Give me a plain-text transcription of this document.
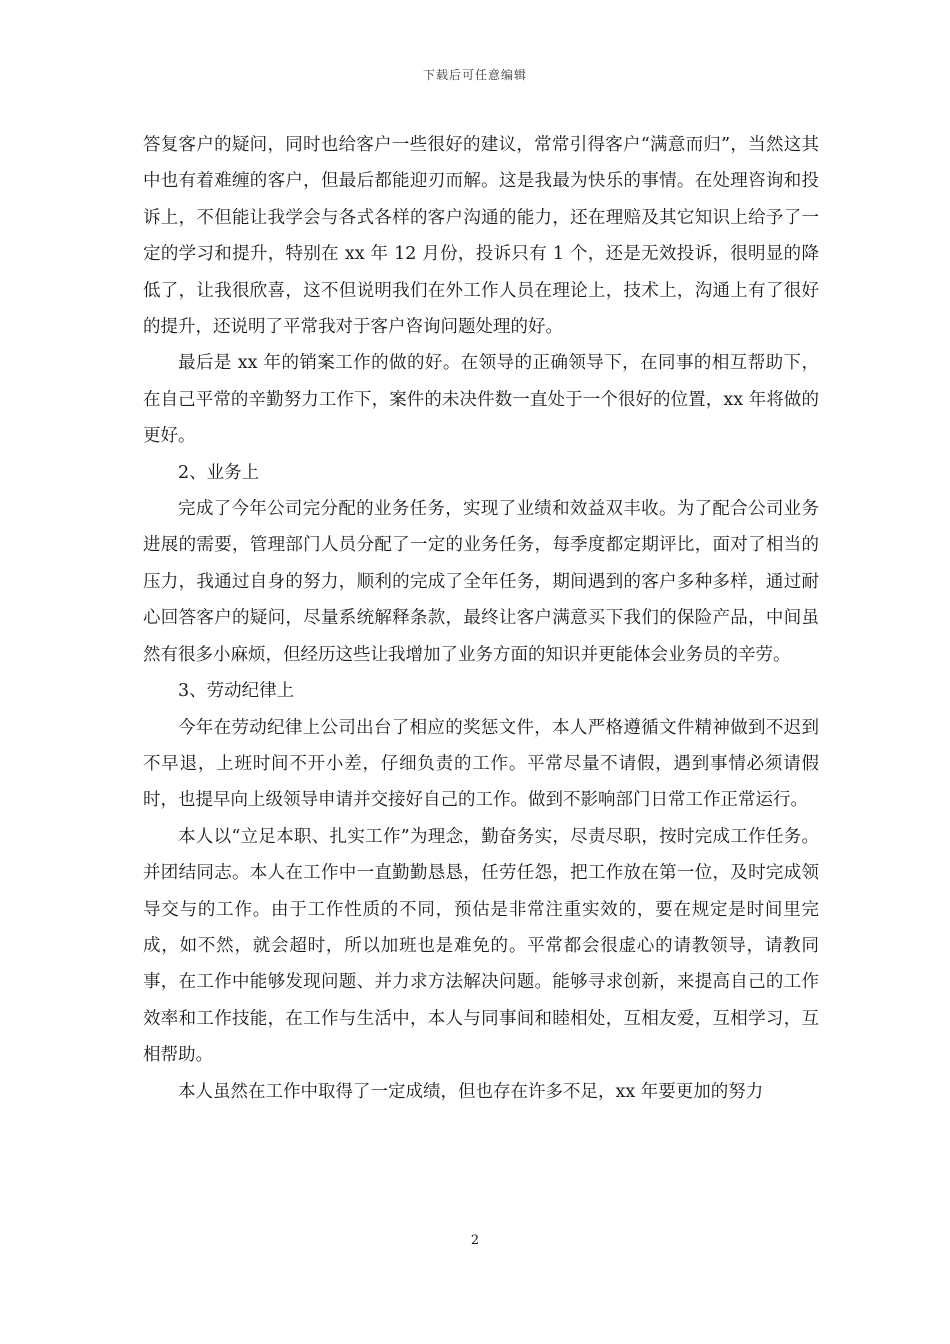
下载后可任意编辑

答复客户的疑问，同时也给客户一些很好的建议，常常引得客户“满意而归”，当然这其中也有着难缠的客户，但最后都能迎刃而解。这是我最为快乐的事情。在处理咨询和投诉上，不但能让我学会与各式各样的客户沟通的能力，还在理赔及其它知识上给予了一定的学习和提升，特别在 xx 年 12 月份，投诉只有 1 个，还是无效投诉，很明显的降低了，让我很欣喜，这不但说明我们在外工作人员在理论上，技术上，沟通上有了很好的提升，还说明了平常我对于客户咨询问题处理的好。

最后是 xx 年的销案工作的做的好。在领导的正确领导下，在同事的相互帮助下，在自己平常的辛勤努力工作下，案件的未决件数一直处于一个很好的位置，xx 年将做的更好。

2、业务上

完成了今年公司完分配的业务任务，实现了业绩和效益双丰收。为了配合公司业务进展的需要，管理部门人员分配了一定的业务任务，每季度都定期评比，面对了相当的压力，我通过自身的努力，顺利的完成了全年任务，期间遇到的客户多种多样，通过耐心回答客户的疑问，尽量系统解释条款，最终让客户满意买下我们的保险产品，中间虽然有很多小麻烦，但经历这些让我增加了业务方面的知识并更能体会业务员的辛劳。

3、劳动纪律上

今年在劳动纪律上公司出台了相应的奖惩文件，本人严格遵循文件精神做到不迟到不早退，上班时间不开小差，仔细负责的工作。平常尽量不请假，遇到事情必须请假时，也提早向上级领导申请并交接好自己的工作。做到不影响部门日常工作正常运行。

本人以“立足本职、扎实工作”为理念，勤奋务实，尽责尽职，按时完成工作任务。并团结同志。本人在工作中一直勤勤恳恳，任劳任怨，把工作放在第一位，及时完成领导交与的工作。由于工作性质的不同，预估是非常注重实效的，要在规定是时间里完成，如不然，就会超时，所以加班也是难免的。平常都会很虚心的请教领导，请教同事，在工作中能够发现问题、并力求方法解决问题。能够寻求创新，来提高自己的工作效率和工作技能，在工作与生活中，本人与同事间和睦相处，互相友爱，互相学习，互相帮助。

本人虽然在工作中取得了一定成绩，但也存在许多不足，xx 年要更加的努力

2
